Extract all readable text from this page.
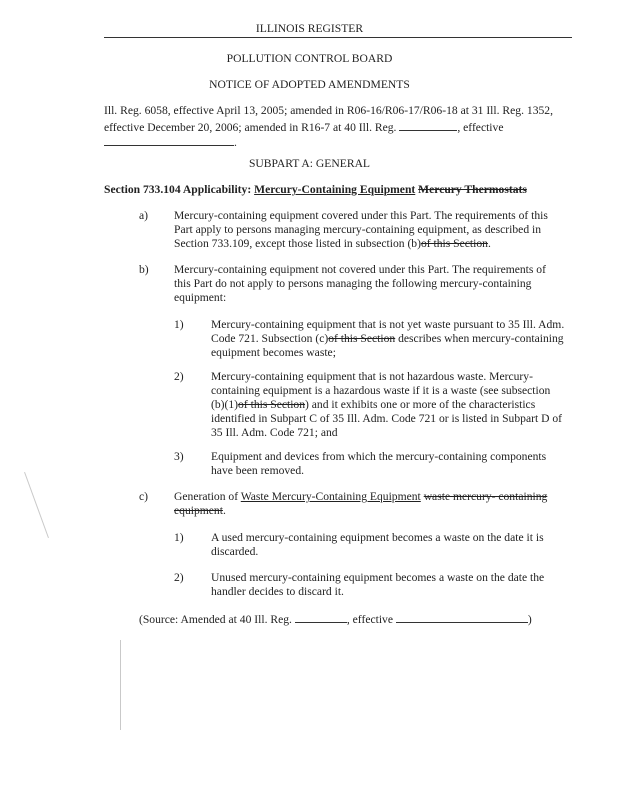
ILLINOIS REGISTER
POLLUTION CONTROL BOARD
NOTICE OF ADOPTED AMENDMENTS
Ill. Reg. 6058, effective April 13, 2005; amended in R06-16/R06-17/R06-18 at 31 Ill. Reg. 1352,
effective December 20, 2006; amended in R16-7 at 40 Ill. Reg.	, effective
.
SUBPART A: GENERAL
Section 733.104 Applicability: Mercury-Containing Equipment Mercury Thermostats
a) Mercury-containing equipment covered under this Part. The requirements of this
Part apply to persons managing mercury-containing equipment, as described in
Section 733.109, except those listed in subsection (b)of this Section.
b) Mercury-containing equipment not covered under this Part. The requirements of
this Part do not apply to persons managing the following mercury-containing
equipment:
1) Mercury-containing equipment that is not yet waste pursuant to 35 Ill. Adm.
Code 721. Subsection (c)of this Section describes when mercury-containing
equipment becomes waste;
2) Mercury-containing equipment that is not hazardous waste. Mercury-
containing equipment is a hazardous waste if it is a waste (see subsection
(b)(1)of this Section) and it exhibits one or more of the characteristics
identified in Subpart C of 35 Ill. Adm. Code 721 or is listed in Subpart D of
35 Ill. Adm. Code 721; and
3) Equipment and devices from which the mercury-containing components
have been removed.
c) Generation of Waste Mercury-Containing Equipment waste mercury- containing
equipment.
1) A used mercury-containing equipment becomes a waste on the date it is
discarded.
2) Unused mercury-containing equipment becomes a waste on the date the
handler decides to discard it.
(Source: Amended at 40 Ill. Reg.	, effective	)
